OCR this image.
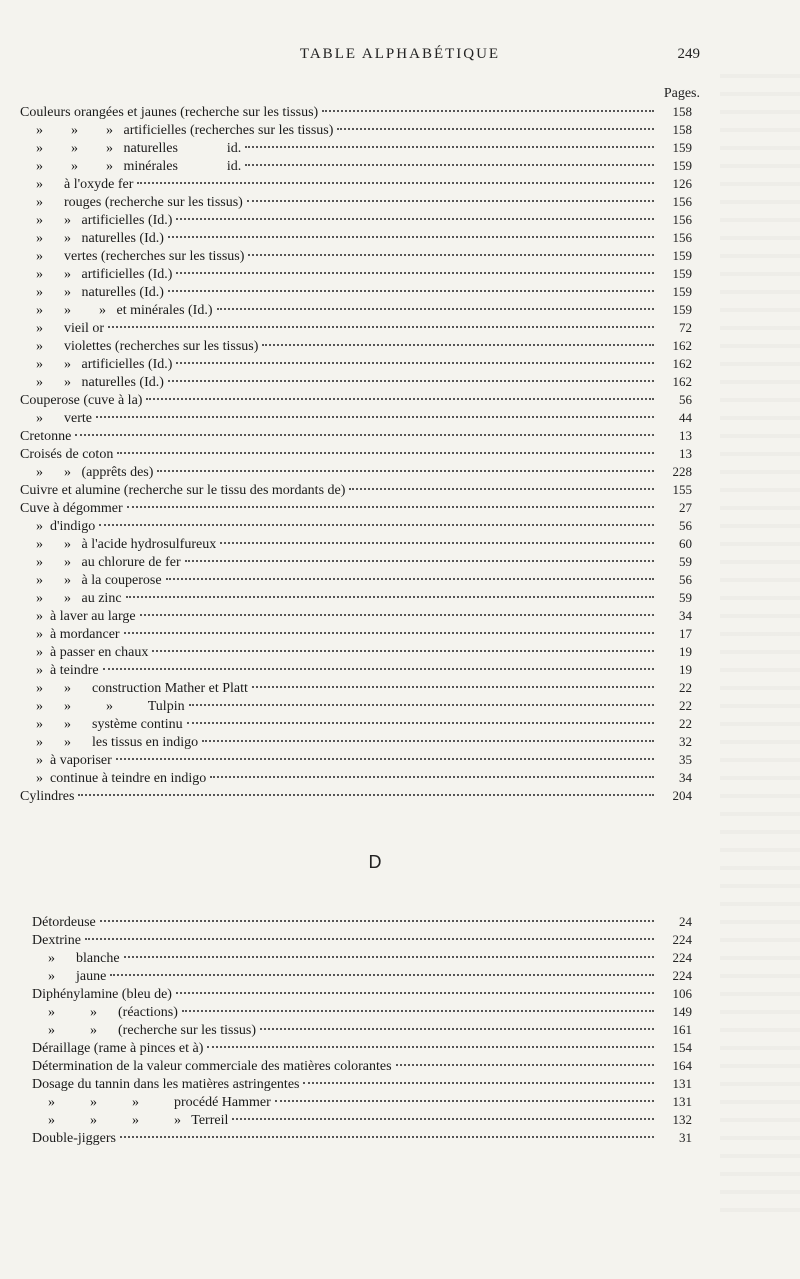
TABLE ALPHABÉTIQUE	249
Pages.
Couleurs orangées et jaunes (recherche sur les tissus)	158
»        »        »   artificielles (recherches sur les tissus)	158
»        »        »   naturelles              id.	159
»        »        »   minérales              id.	159
»      à l'oxyde fer	126
»      rouges (recherche sur les tissus)	156
»      »   artificielles (Id.)	156
»      »   naturelles (Id.)	156
»      vertes (recherches sur les tissus)	159
»      »   artificielles (Id.)	159
»      »   naturelles (Id.)	159
»      »        »   et minérales (Id.)	159
»      vieil or	72
»      violettes (recherches sur les tissus)	162
»      »   artificielles (Id.)	162
»      »   naturelles (Id.)	162
Couperose (cuve à la)	56
»      verte	44
Cretonne	13
Croisés de coton	13
»      »   (apprêts des)	228
Cuivre et alumine (recherche sur le tissu des mordants de)	155
Cuve à dégommer	27
»  d'indigo	56
»      »   à l'acide hydrosulfureux	60
»      »   au chlorure de fer	59
»      »   à la couperose	56
»      »   au zinc	59
»  à laver au large	34
»  à mordancer	17
»  à passer en chaux	19
»  à teindre	19
»      »      construction Mather et Platt	22
»      »          »          Tulpin	22
»      »      système continu	22
»      »      les tissus en indigo	32
»  à vaporiser	35
»  continue à teindre en indigo	34
Cylindres	204
Détordeuse	24
Dextrine	224
»      blanche	224
»      jaune	224
Diphénylamine (bleu de)	106
»          »      (réactions)	149
»          »      (recherche sur les tissus)	161
Déraillage (rame à pinces et à)	154
Détermination de la valeur commerciale des matières colorantes	164
Dosage du tannin dans les matières astringentes	131
»          »          »          procédé Hammer	131
»          »          »          »   Terreil	132
Double-jiggers	31
D
